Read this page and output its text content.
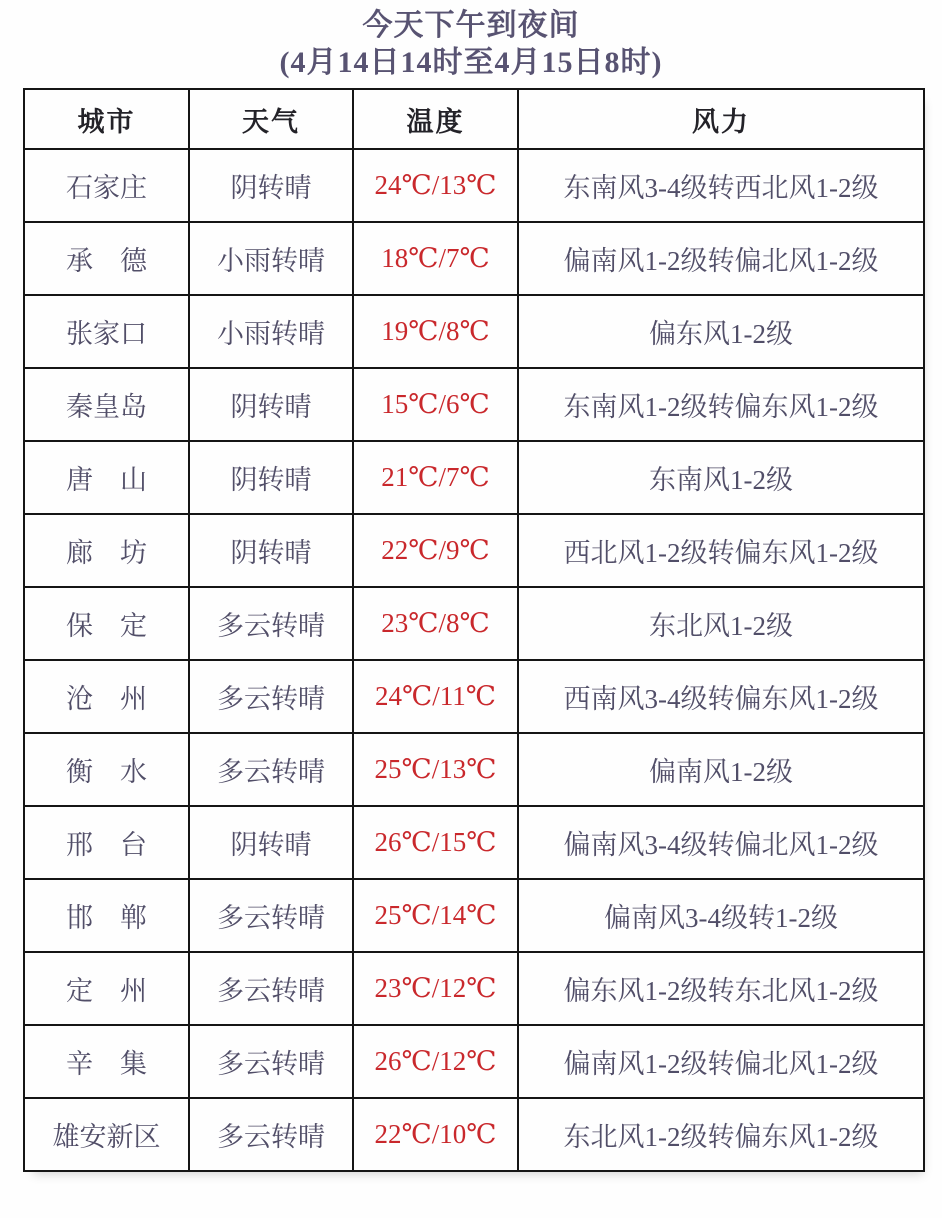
今天下午到夜间
(4月14日14时至4月15日8时)
城市	天气	温度	风力
石家庄	阴转晴	24℃/13℃	东南风3-4级转西北风1-2级
承　德	小雨转晴	18℃/7℃	偏南风1-2级转偏北风1-2级
张家口	小雨转晴	19℃/8℃	偏东风1-2级
秦皇岛	阴转晴	15℃/6℃	东南风1-2级转偏东风1-2级
唐　山	阴转晴	21℃/7℃	东南风1-2级
廊　坊	阴转晴	22℃/9℃	西北风1-2级转偏东风1-2级
保　定	多云转晴	23℃/8℃	东北风1-2级
沧　州	多云转晴	24℃/11℃	西南风3-4级转偏东风1-2级
衡　水	多云转晴	25℃/13℃	偏南风1-2级
邢　台	阴转晴	26℃/15℃	偏南风3-4级转偏北风1-2级
邯　郸	多云转晴	25℃/14℃	偏南风3-4级转1-2级
定　州	多云转晴	23℃/12℃	偏东风1-2级转东北风1-2级
辛　集	多云转晴	26℃/12℃	偏南风1-2级转偏北风1-2级
雄安新区	多云转晴	22℃/10℃	东北风1-2级转偏东风1-2级
